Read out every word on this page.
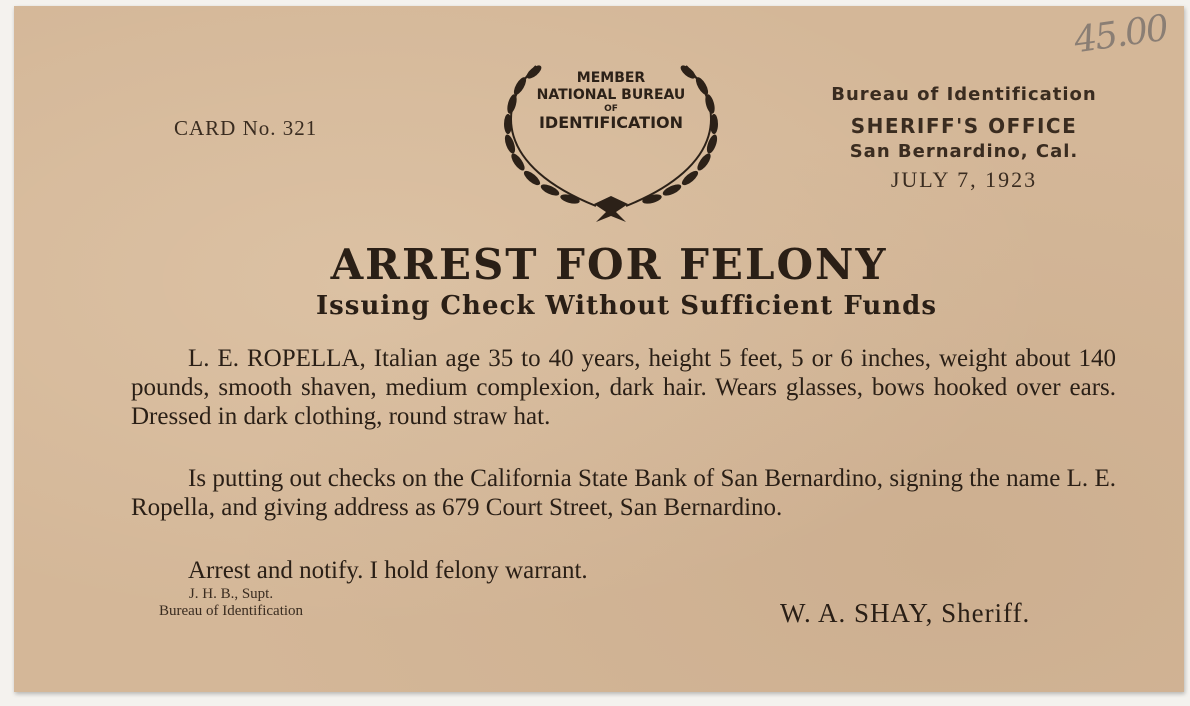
CARD No. 321
MEMBER
NATIONAL BUREAU
OF
IDENTIFICATION
Bureau of Identification
SHERIFF'S OFFICE
San Bernardino, Cal.
JULY 7, 1923
45.00
ARREST FOR FELONY
Issuing Check Without Sufficient Funds
L. E. ROPELLA, Italian age 35 to 40 years, height 5 feet, 5 or 6 inches, weight about 140 pounds, smooth shaven, medium complexion, dark hair. Wears glasses, bows hooked over ears. Dressed in dark clothing, round straw hat.
Is putting out checks on the California State Bank of San Bernardino, signing the name L. E. Ropella, and giving address as 679 Court Street, San Bernardino.
Arrest and notify. I hold felony warrant.
J. H. B., Supt.
Bureau of Identification	W. A. SHAY, Sheriff.
